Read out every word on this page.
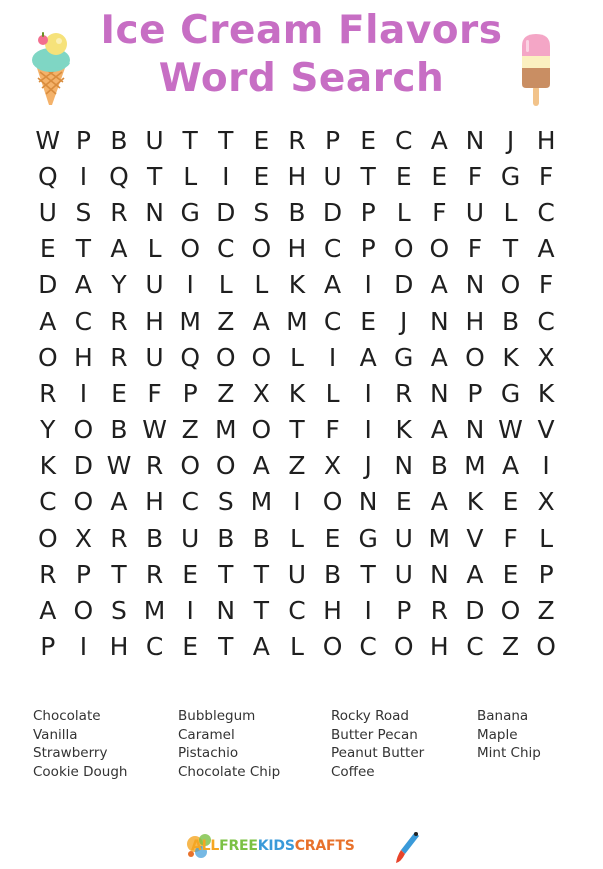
Ice Cream Flavors
Word Search
W P B U T T E R P E C A N J H
Q I Q T L I E H U T E E F G F
U S R N G D S B D P L F U L C
E T A L O C O H C P O O F T A
D A Y U I L L K A I D A N O F
A C R H M Z A M C E J N H B C
O H R U Q O O L I A G A O K X
R I E F P Z X K L I R N P G K
Y O B W Z M O T F I K A N W V
K D W R O O A Z X J N B M A I
C O A H C S M I O N E A K E X
O X R B U B B L E G U M V F L
R P T R E T T U B T U N A E P
A O S M I N T C H I P R D O Z
P I H C E T A L O C O H C Z O
Chocolate
Vanilla
Strawberry
Cookie Dough
Bubblegum
Caramel
Pistachio
Chocolate Chip
Rocky Road
Butter Pecan
Peanut Butter
Coffee
Banana
Maple
Mint Chip
ALLFREEKIDSCRAFTS
